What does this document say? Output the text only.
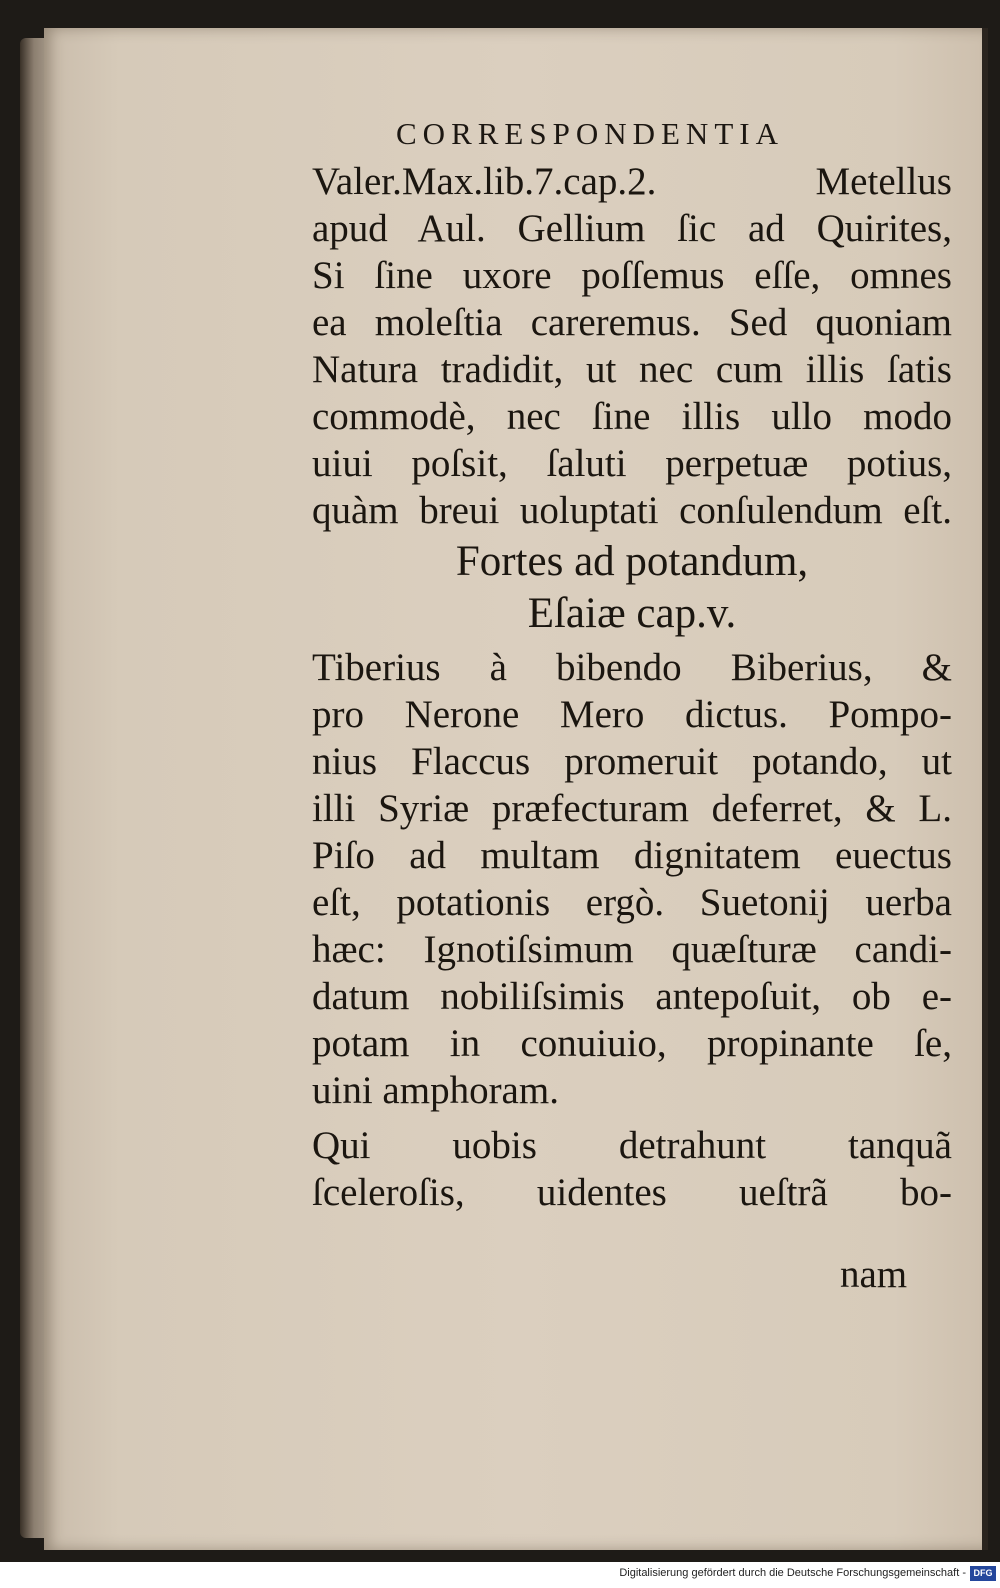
CORRESPONDENTIA
Valer.Max.lib.7.cap.2. Metellus
apud Aul. Gellium ſic ad Quirites,
Si ſine uxore poſſemus eſſe, omnes
ea moleſtia careremus. Sed quoniam
Natura tradidit, ut nec cum illis ſatis
commodè, nec ſine illis ullo modo
uiui poſsit, ſaluti perpetuæ potius,
quàm breui uoluptati conſulendum eſt.
Fortes ad potandum,
Eſaiæ cap.v.
Tiberius à bibendo Biberius, &
pro Nerone Mero dictus. Pompo-
nius Flaccus promeruit potando, ut
illi Syriæ præfecturam deferret, & L.
Piſo ad multam dignitatem euectus
eſt, potationis ergò. Suetonij uerba
hæc: Ignotiſsimum quæſturæ candi-
datum nobiliſsimis antepoſuit, ob e-
potam in conuiuio, propinante ſe,
uini amphoram.
Qui uobis detrahunt tanquã
ſceleroſis, uidentes ueſtrã bo-
nam
Digitalisierung gefördert durch die Deutsche Forschungsgemeinschaft - DFG
